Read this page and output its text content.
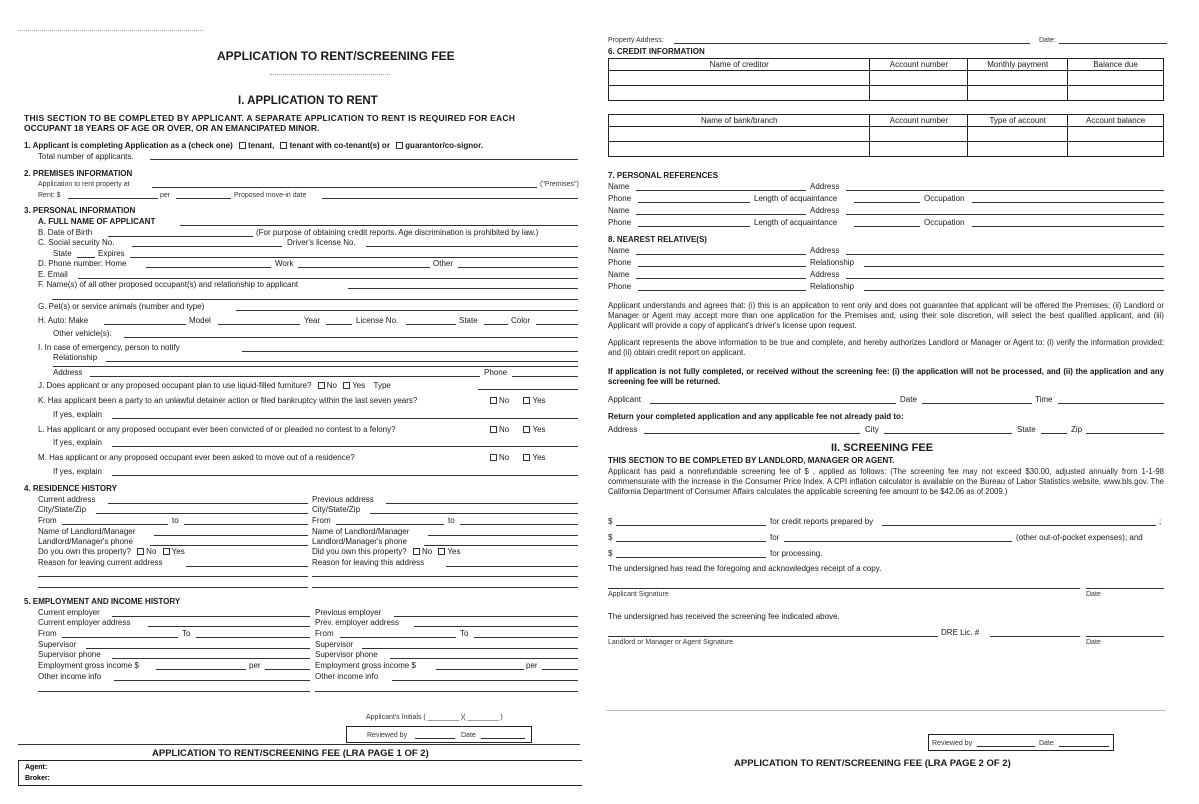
APPLICATION TO RENT/SCREENING FEE
I. APPLICATION TO RENT
THIS SECTION TO BE COMPLETED BY APPLICANT. A SEPARATE APPLICATION TO RENT IS REQUIRED FOR EACH
OCCUPANT 18 YEARS OF AGE OR OVER, OR AN EMANCIPATED MINOR.
1. Applicant is completing Application as a (check one) tenant, tenant with co-tenant(s) or guarantor/co-signor.
Total number of applicants.
2. PREMISES INFORMATION
Application to rent property at	("Premises")
Rent: $	per	Proposed move-in date
3. PERSONAL INFORMATION
A. FULL NAME OF APPLICANT
B. Date of Birth	(For purpose of obtaining credit reports. Age discrimination is prohibited by law.)
C. Social security No.	Driver's license No.
State	Expires
D. Phone number: Home	Work	Other
E. Email
F. Name(s) of all other proposed occupant(s) and relationship to applicant
G. Pet(s) or service animals (number and type)
H. Auto: Make	Model	Year	License No.	State	Color
Other vehicle(s):
I. In case of emergency, person to notify
Relationship
Address	Phone
J. Does applicant or any proposed occupant plan to use liquid-filled furniture? No Yes Type
K. Has applicant been a party to an unlawful detainer action or filed bankruptcy within the last seven years?	No	Yes
If yes, explain
L. Has applicant or any proposed occupant ever been convicted of or pleaded no contest to a felony?	No	Yes
If yes, explain
M. Has applicant or any proposed occupant ever been asked to move out of a residence?	No	Yes
If yes, explain
4. RESIDENCE HISTORY
Current address
City/State/Zip
From	to
Name of Landlord/Manager
Landlord/Manager's phone
Do you own this property? No Yes
Reason for leaving current address
Previous address
City/State/Zip
From	to
Name of Landlord/Manager
Landlord/Manager's phone
Did you own this property? No Yes
Reason for leaving this address
5. EMPLOYMENT AND INCOME HISTORY
Current employer
Current employer address
From	To
Supervisor
Supervisor phone
Employment gross income $	per
Other income info
Previous employer
Prev. employer address
From	To
Supervisor
Supervisor phone
Employment gross income $	per
Other income info
Applicant's Initials ( ________ )( ________ )
Reviewed by	Date
APPLICATION TO RENT/SCREENING FEE (LRA PAGE 1 OF 2)
Agent:
Broker:
Property Address:	Date:
6. CREDIT INFORMATION
Name of creditor	Account number	Monthly payment	Balance due

Name of bank/branch	Account number	Type of account	Account balance

7. PERSONAL REFERENCES
Name	Address
Phone	Length of acquaintance	Occupation
Name	Address
Phone	Length of acquaintance	Occupation
8. NEAREST RELATIVE(S)
Name	Address
Phone	Relationship
Name	Address
Phone	Relationship
Applicant understands and agrees that: (i) this is an application to rent only and does not guarantee that applicant will be offered the Premises; (ii) Landlord or Manager or Agent may accept more than one application for the Premises and, using their sole discretion, will select the best qualified applicant, and (iii) Applicant will provide a copy of applicant's driver's license upon request.
Applicant represents the above information to be true and complete, and hereby authorizes Landlord or Manager or Agent to: (i) verify the information provided; and (ii) obtain credit report on applicant.
If application is not fully completed, or received without the screening fee: (i) the application will not be processed, and (ii) the application and any screening fee will be returned.
Applicant	Date	Time
Return your completed application and any applicable fee not already paid to:
Address	City	State	Zip
II. SCREENING FEE
THIS SECTION TO BE COMPLETED BY LANDLORD, MANAGER OR AGENT.
Applicant has paid a nonrefundable screening fee of $ , applied as follows: (The screening fee may not exceed $30.00, adjusted annually from 1-1-98 commensurate with the increase in the Consumer Price Index. A CPI inflation calculator is available on the Bureau of Labor Statistics website, www.bls.gov. The California Department of Consumer Affairs calculates the applicable screening fee amount to be $42.06 as of 2009.)
$	for credit reports prepared by	;
$	for	(other out-of-pocket expenses); and
$	for processing.
The undersigned has read the foregoing and acknowledges receipt of a copy.
Applicant Signature	Date
The undersigned has received the screening fee indicated above.
DRE Lic. #
Landlord or Manager or Agent Signature	Date
Reviewed by	Date
APPLICATION TO RENT/SCREENING FEE (LRA PAGE 2 OF 2)
